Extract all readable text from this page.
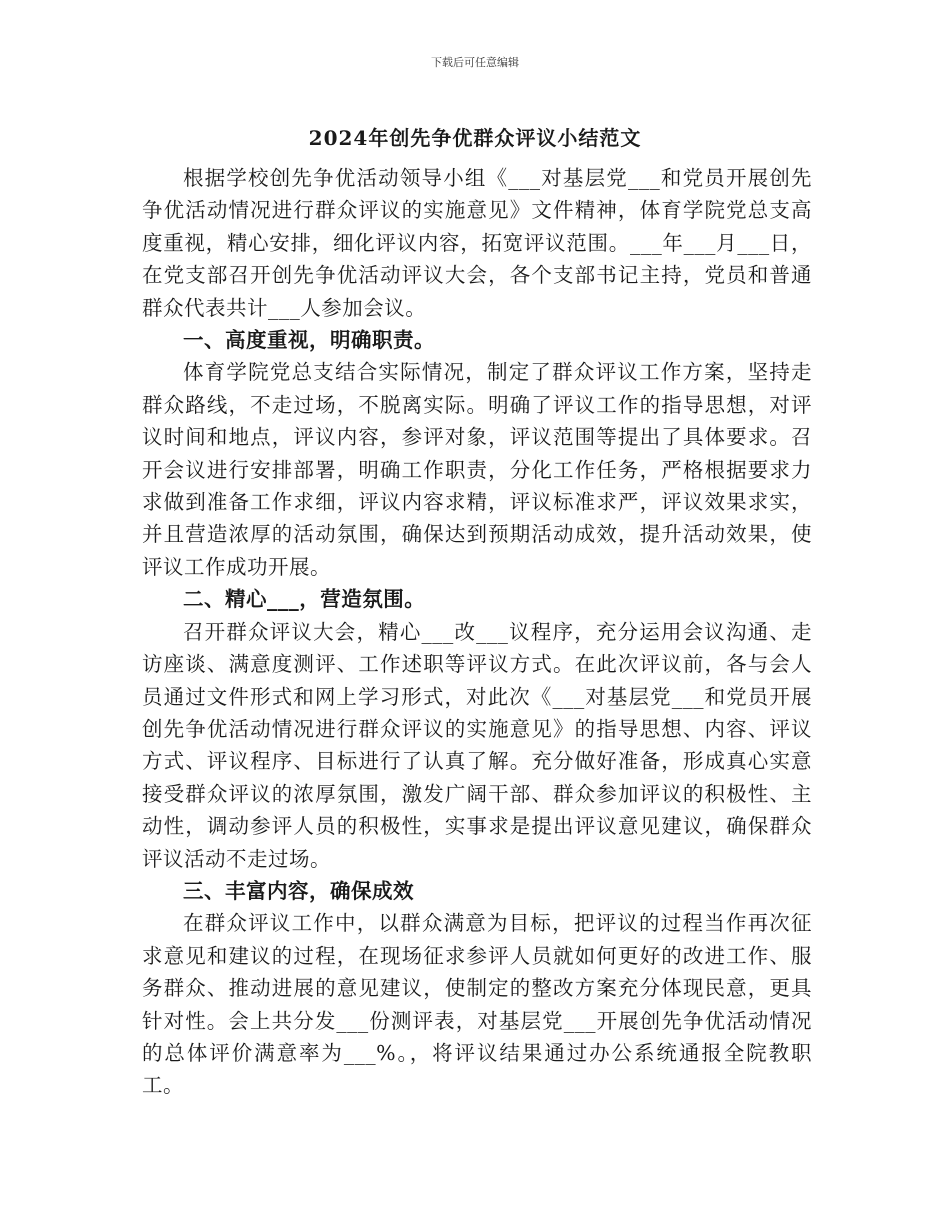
下载后可任意编辑
2024年创先争优群众评议小结范文

根据学校创先争优活动领导小组《___对基层党___和党员开展创先争优活动情况进行群众评议的实施意见》文件精神，体育学院党总支高度重视，精心安排，细化评议内容，拓宽评议范围。___年___月___日，在党支部召开创先争优活动评议大会，各个支部书记主持，党员和普通群众代表共计___人参加会议。

一、高度重视，明确职责。

体育学院党总支结合实际情况，制定了群众评议工作方案，坚持走群众路线，不走过场，不脱离实际。明确了评议工作的指导思想，对评议时间和地点，评议内容，参评对象，评议范围等提出了具体要求。召开会议进行安排部署，明确工作职责，分化工作任务，严格根据要求力求做到准备工作求细，评议内容求精，评议标准求严，评议效果求实，并且营造浓厚的活动氛围，确保达到预期活动成效，提升活动效果，使评议工作成功开展。

二、精心___，营造氛围。

召开群众评议大会，精心___改___议程序，充分运用会议沟通、走访座谈、满意度测评、工作述职等评议方式。在此次评议前，各与会人员通过文件形式和网上学习形式，对此次《___对基层党___和党员开展创先争优活动情况进行群众评议的实施意见》的指导思想、内容、评议方式、评议程序、目标进行了认真了解。充分做好准备，形成真心实意接受群众评议的浓厚氛围，激发广阔干部、群众参加评议的积极性、主动性，调动参评人员的积极性，实事求是提出评议意见建议，确保群众评议活动不走过场。

三、丰富内容，确保成效

在群众评议工作中，以群众满意为目标，把评议的过程当作再次征求意见和建议的过程，在现场征求参评人员就如何更好的改进工作、服务群众、推动进展的意见建议，使制定的整改方案充分体现民意，更具针对性。会上共分发___份测评表，对基层党___开展创先争优活动情况的总体评价满意率为___%。，将评议结果通过办公系统通报全院教职工。
